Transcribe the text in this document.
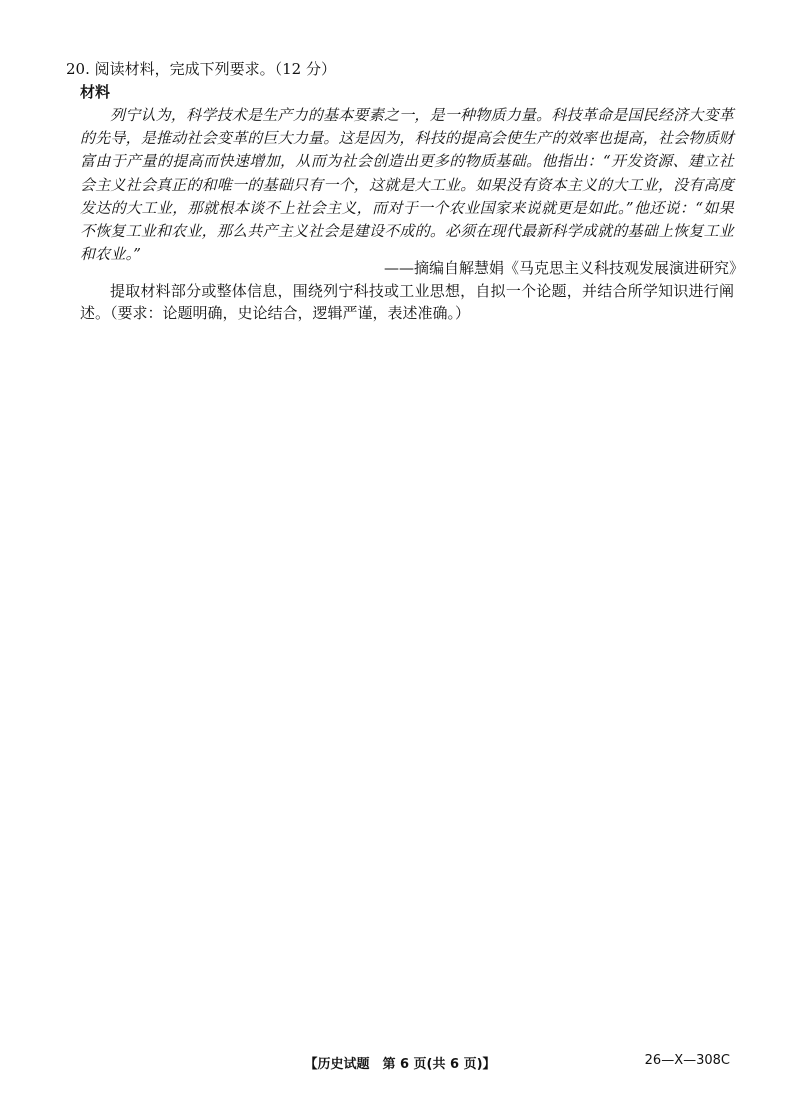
20. 阅读材料，完成下列要求。（12 分）
材料
列宁认为，科学技术是生产力的基本要素之一，是一种物质力量。科技革命是国民经济大变革的先导，是推动社会变革的巨大力量。这是因为，科技的提高会使生产的效率也提高，社会物质财富由于产量的提高而快速增加，从而为社会创造出更多的物质基础。他指出：“开发资源、建立社会主义社会真正的和唯一的基础只有一个，这就是大工业。如果没有资本主义的大工业，没有高度发达的大工业，那就根本谈不上社会主义，而对于一个农业国家来说就更是如此。”他还说：“如果不恢复工业和农业，那么共产主义社会是建设不成的。必须在现代最新科学成就的基础上恢复工业和农业。”
——摘编自解慧娟《马克思主义科技观发展演进研究》
提取材料部分或整体信息，围绕列宁科技或工业思想，自拟一个论题，并结合所学知识进行阐述。（要求：论题明确，史论结合，逻辑严谨，表述准确。）
【历史试题　第 6 页(共 6 页)】	26—X—308C
